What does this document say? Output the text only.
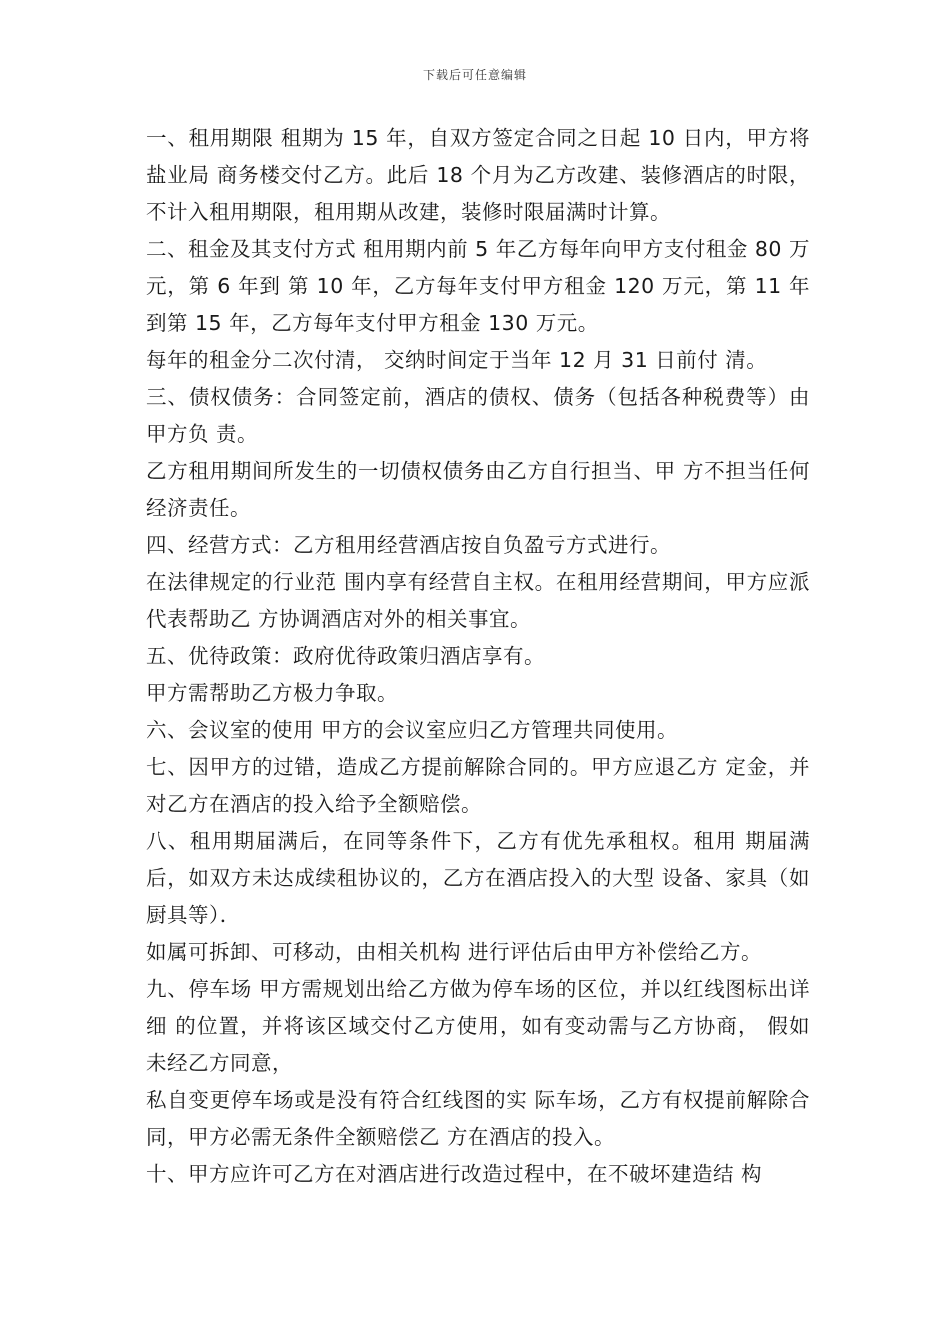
下载后可任意编辑

一、租用期限 租期为 15 年，自双方签定合同之日起 10 日内，甲方将盐业局 商务楼交付乙方。此后 18 个月为乙方改建、装修酒店的时限， 不计入租用期限，租用期从改建，装修时限届满时计算。

二、租金及其支付方式 租用期内前 5 年乙方每年向甲方支付租金 80 万元，第 6 年到 第 10 年，乙方每年支付甲方租金 120 万元，第 11 年到第 15 年，乙方每年支付甲方租金 130 万元。

每年的租金分二次付清， 交纳时间定于当年 12 月 31 日前付 清。

三、债权债务：合同签定前，酒店的债权、债务（包括各种税费等）由甲方负 责。

乙方租用期间所发生的一切债权债务由乙方自行担当、甲 方不担当任何经济责任。

四、经营方式：乙方租用经营酒店按自负盈亏方式进行。

在法律规定的行业范 围内享有经营自主权。在租用经营期间，甲方应派代表帮助乙 方协调酒店对外的相关事宜。

五、优待政策：政府优待政策归酒店享有。

甲方需帮助乙方极力争取。

六、会议室的使用 甲方的会议室应归乙方管理共同使用。

七、因甲方的过错，造成乙方提前解除合同的。甲方应退乙方 定金，并对乙方在酒店的投入给予全额赔偿。

八、租用期届满后，在同等条件下，乙方有优先承租权。租用 期届满后，如双方未达成续租协议的，乙方在酒店投入的大型 设备、家具（如厨具等）．

如属可拆卸、可移动，由相关机构 进行评估后由甲方补偿给乙方。

九、停车场 甲方需规划出给乙方做为停车场的区位，并以红线图标出详细 的位置，并将该区域交付乙方使用，如有变动需与乙方协商， 假如未经乙方同意，

私自变更停车场或是没有符合红线图的实 际车场，乙方有权提前解除合同，甲方必需无条件全额赔偿乙 方在酒店的投入。

十、甲方应许可乙方在对酒店进行改造过程中，在不破坏建造结 构
